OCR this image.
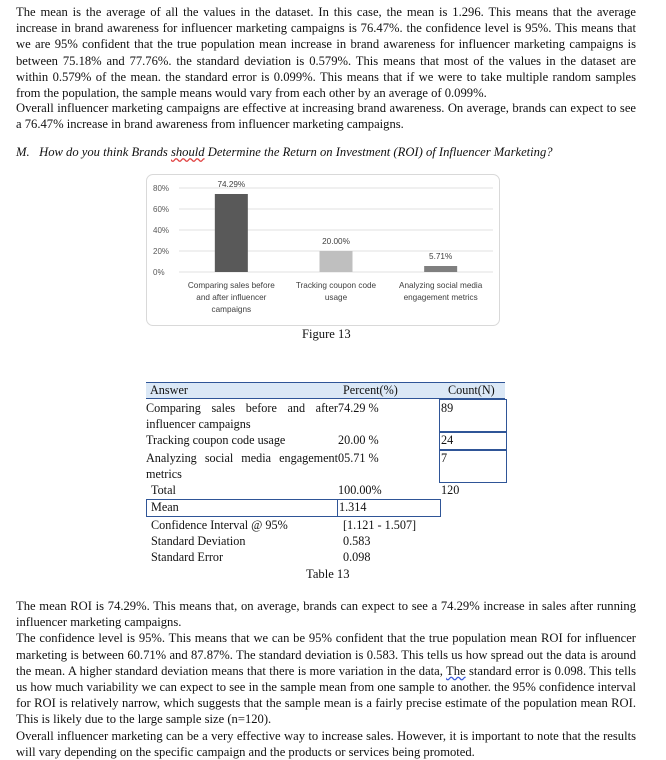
The mean is the average of all the values in the dataset. In this case, the mean is 1.296. This means that the average increase in brand awareness for influencer marketing campaigns is 76.47%. the confidence level is 95%. This means that we are 95% confident that the true population mean increase in brand awareness for influencer marketing campaigns is between 75.18% and 77.76%. the standard deviation is 0.579%. This means that most of the values in the dataset are within 0.579% of the mean. the standard error is 0.099%. This means that if we were to take multiple random samples from the population, the sample means would vary from each other by an average of 0.099%.

Overall influencer marketing campaigns are effective at increasing brand awareness. On average, brands can expect to see a 76.47% increase in brand awareness from influencer marketing campaigns.

M. How do you think Brands should Determine the Return on Investment (ROI) of Influencer Marketing?
0%
20%
40%
60%
80%	74.29%
Comparing sales before
and after influencer
campaigns
20.00%
Tracking coupon code
usage
5.71%
Analyzing social media
engagement metrics
Figure 13
Answer	Percent(%)	Count(N)
Comparing sales before and after
influencer campaigns
74.29 %	89
Tracking coupon code usage	20.00 %	24
Analyzing social media engagement
metrics
05.71 %	7
Total	100.00%	120
Mean	1.314
Confidence Interval @ 95%	[1.121 - 1.507]
Standard Deviation	0.583
Standard Error	0.098
Table 13
The mean ROI is 74.29%. This means that, on average, brands can expect to see a 74.29% increase in sales after running influencer marketing campaigns.
The confidence level is 95%. This means that we can be 95% confident that the true population mean ROI for influencer marketing is between 60.71% and 87.87%. The standard deviation is 0.583. This tells us how spread out the data is around the mean. A higher standard deviation means that there is more variation in the data, The standard error is 0.098. This tells us how much variability we can expect to see in the sample mean from one sample to another. the 95% confidence interval for ROI is relatively narrow, which suggests that the sample mean is a fairly precise estimate of the population mean ROI. This is likely due to the large sample size (n=120).
Overall influencer marketing can be a very effective way to increase sales. However, it is important to note that the results will vary depending on the specific campaign and the products or services being promoted.
